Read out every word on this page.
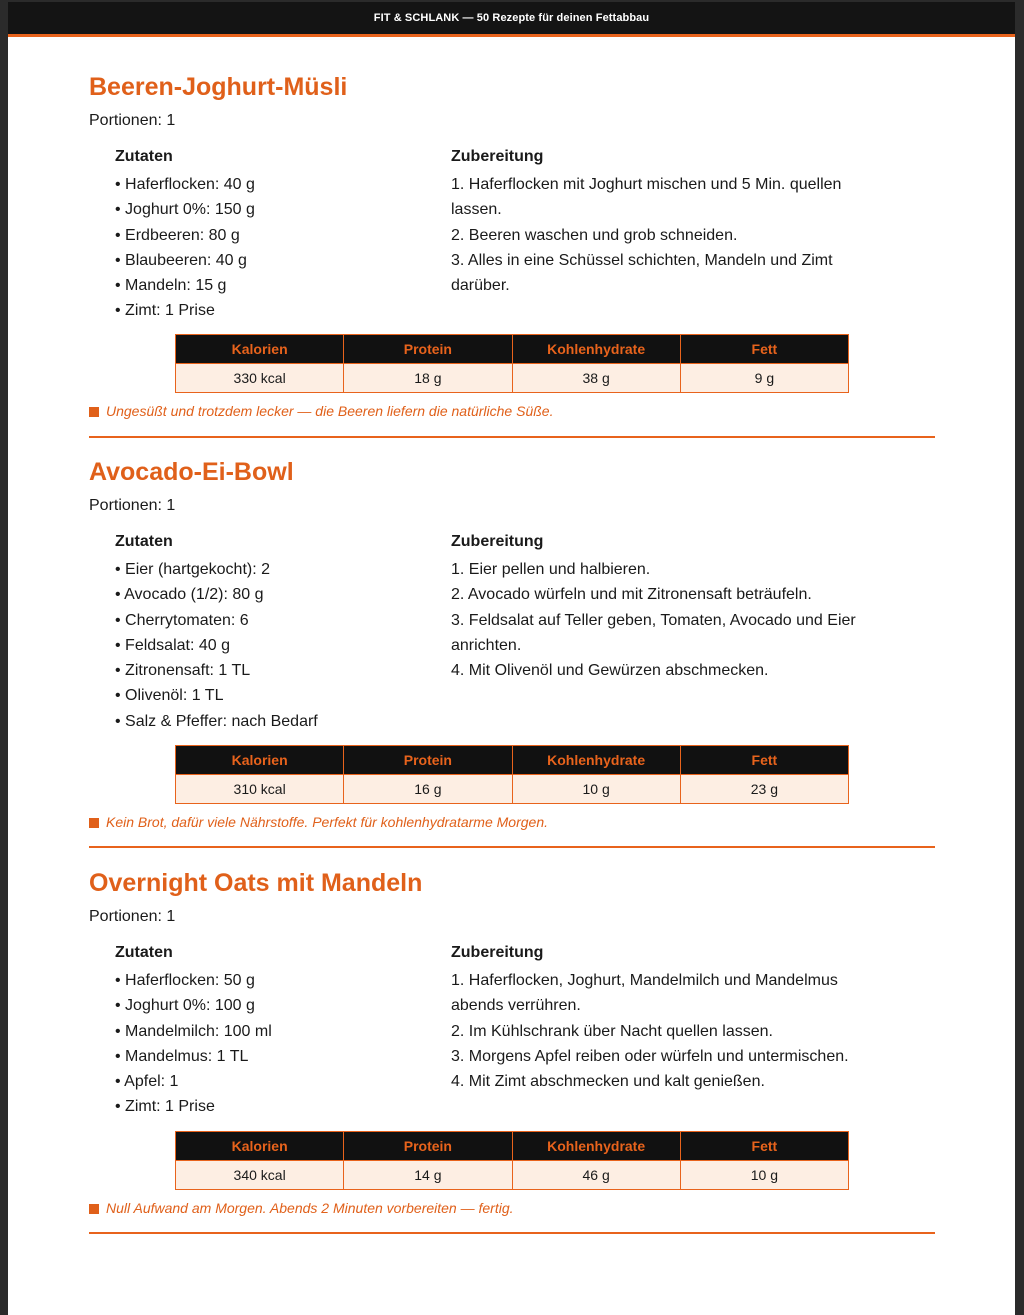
FIT & SCHLANK — 50 Rezepte für deinen Fettabbau
Beeren-Joghurt-Müsli
Portionen: 1
Zutaten
• Haferflocken: 40 g
• Joghurt 0%: 150 g
• Erdbeeren: 80 g
• Blaubeeren: 40 g
• Mandeln: 15 g
• Zimt: 1 Prise
Zubereitung
1. Haferflocken mit Joghurt mischen und 5 Min. quellen
lassen.
2. Beeren waschen und grob schneiden.
3. Alles in eine Schüssel schichten, Mandeln und Zimt
darüber.
Kalorien	Protein	Kohlenhydrate	Fett
330 kcal	18 g	38 g	9 g
Ungesüßt und trotzdem lecker — die Beeren liefern die natürliche Süße.
Avocado-Ei-Bowl
Portionen: 1
Zutaten
• Eier (hartgekocht): 2
• Avocado (1/2): 80 g
• Cherrytomaten: 6
• Feldsalat: 40 g
• Zitronensaft: 1 TL
• Olivenöl: 1 TL
• Salz & Pfeffer: nach Bedarf
Zubereitung
1. Eier pellen und halbieren.
2. Avocado würfeln und mit Zitronensaft beträufeln.
3. Feldsalat auf Teller geben, Tomaten, Avocado und Eier
anrichten.
4. Mit Olivenöl und Gewürzen abschmecken.
Kalorien	Protein	Kohlenhydrate	Fett
310 kcal	16 g	10 g	23 g
Kein Brot, dafür viele Nährstoffe. Perfekt für kohlenhydratarme Morgen.
Overnight Oats mit Mandeln
Portionen: 1
Zutaten
• Haferflocken: 50 g
• Joghurt 0%: 100 g
• Mandelmilch: 100 ml
• Mandelmus: 1 TL
• Apfel: 1
• Zimt: 1 Prise
Zubereitung
1. Haferflocken, Joghurt, Mandelmilch und Mandelmus
abends verrühren.
2. Im Kühlschrank über Nacht quellen lassen.
3. Morgens Apfel reiben oder würfeln und untermischen.
4. Mit Zimt abschmecken und kalt genießen.
Kalorien	Protein	Kohlenhydrate	Fett
340 kcal	14 g	46 g	10 g
Null Aufwand am Morgen. Abends 2 Minuten vorbereiten — fertig.
